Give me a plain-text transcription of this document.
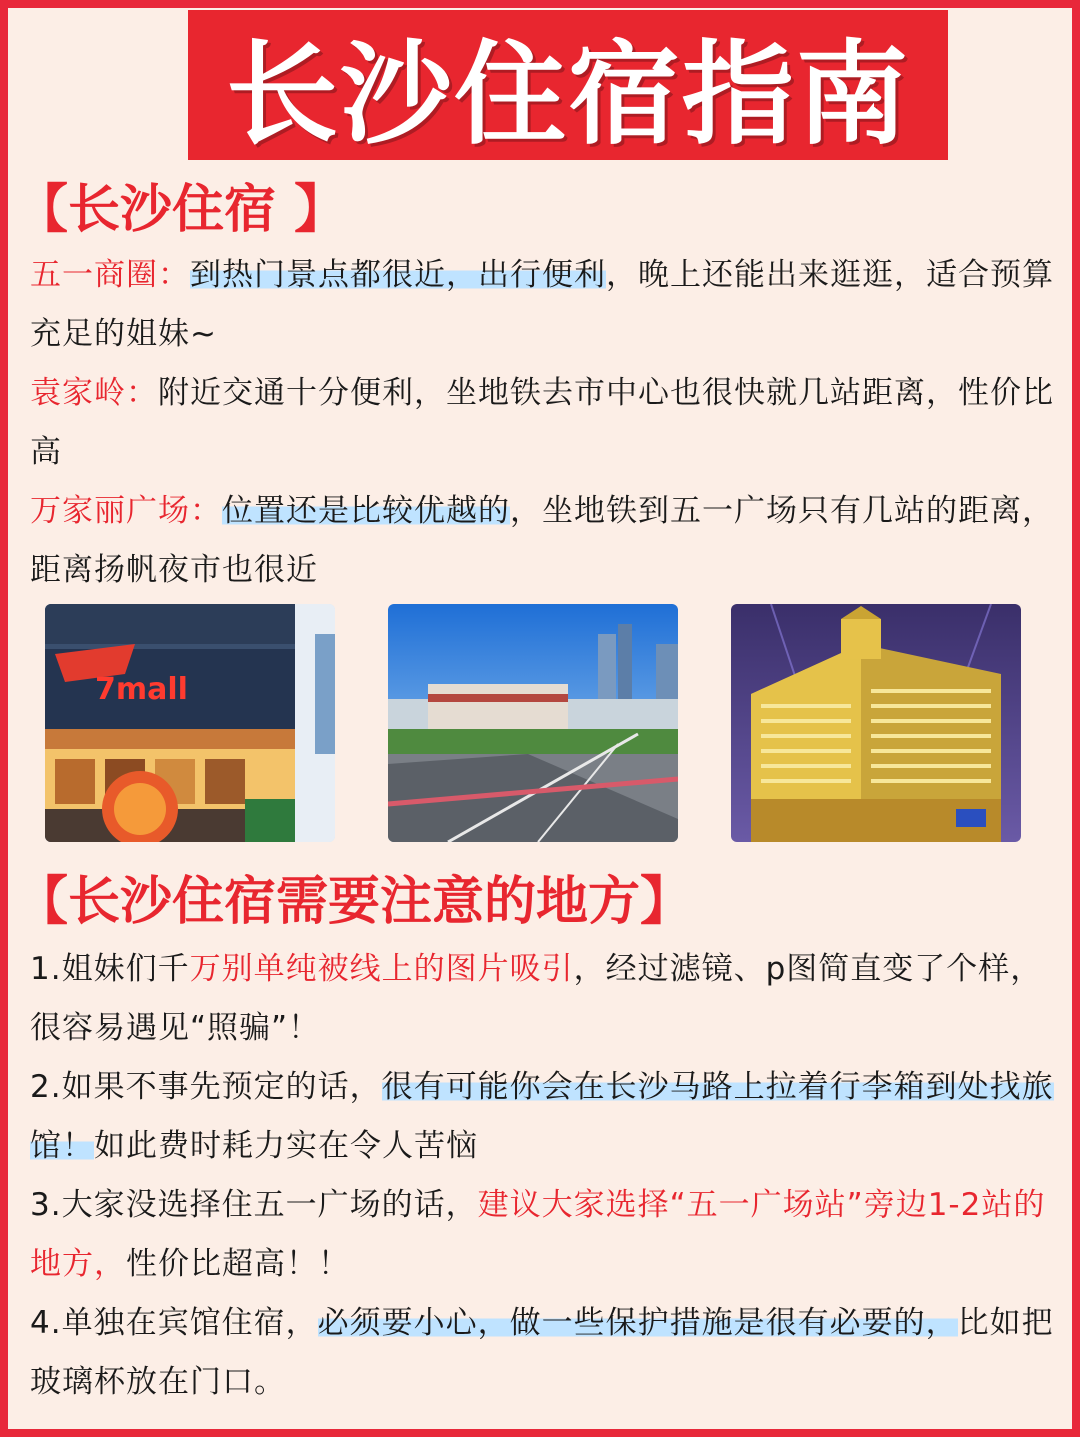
长沙住宿指南
【长沙住宿 】
五一商圈：到热门景点都很近，出行便利，晚上还能出来逛逛，适合预算充足的姐妹~
袁家岭：附近交通十分便利，坐地铁去市中心也很快就几站距离，性价比高
万家丽广场：位置还是比较优越的，坐地铁到五一广场只有几站的距离，距离扬帆夜市也很近
7mall
【长沙住宿需要注意的地方】
1.姐妹们千万别单纯被线上的图片吸引，经过滤镜、p图简直变了个样，很容易遇见“照骗”！
2.如果不事先预定的话，很有可能你会在长沙马路上拉着行李箱到处找旅馆！如此费时耗力实在令人苦恼
3.大家没选择住五一广场的话，建议大家选择“五一广场站”旁边1-2站的地方，性价比超高！！
4.单独在宾馆住宿，必须要小心，做一些保护措施是很有必要的，比如把玻璃杯放在门口。
